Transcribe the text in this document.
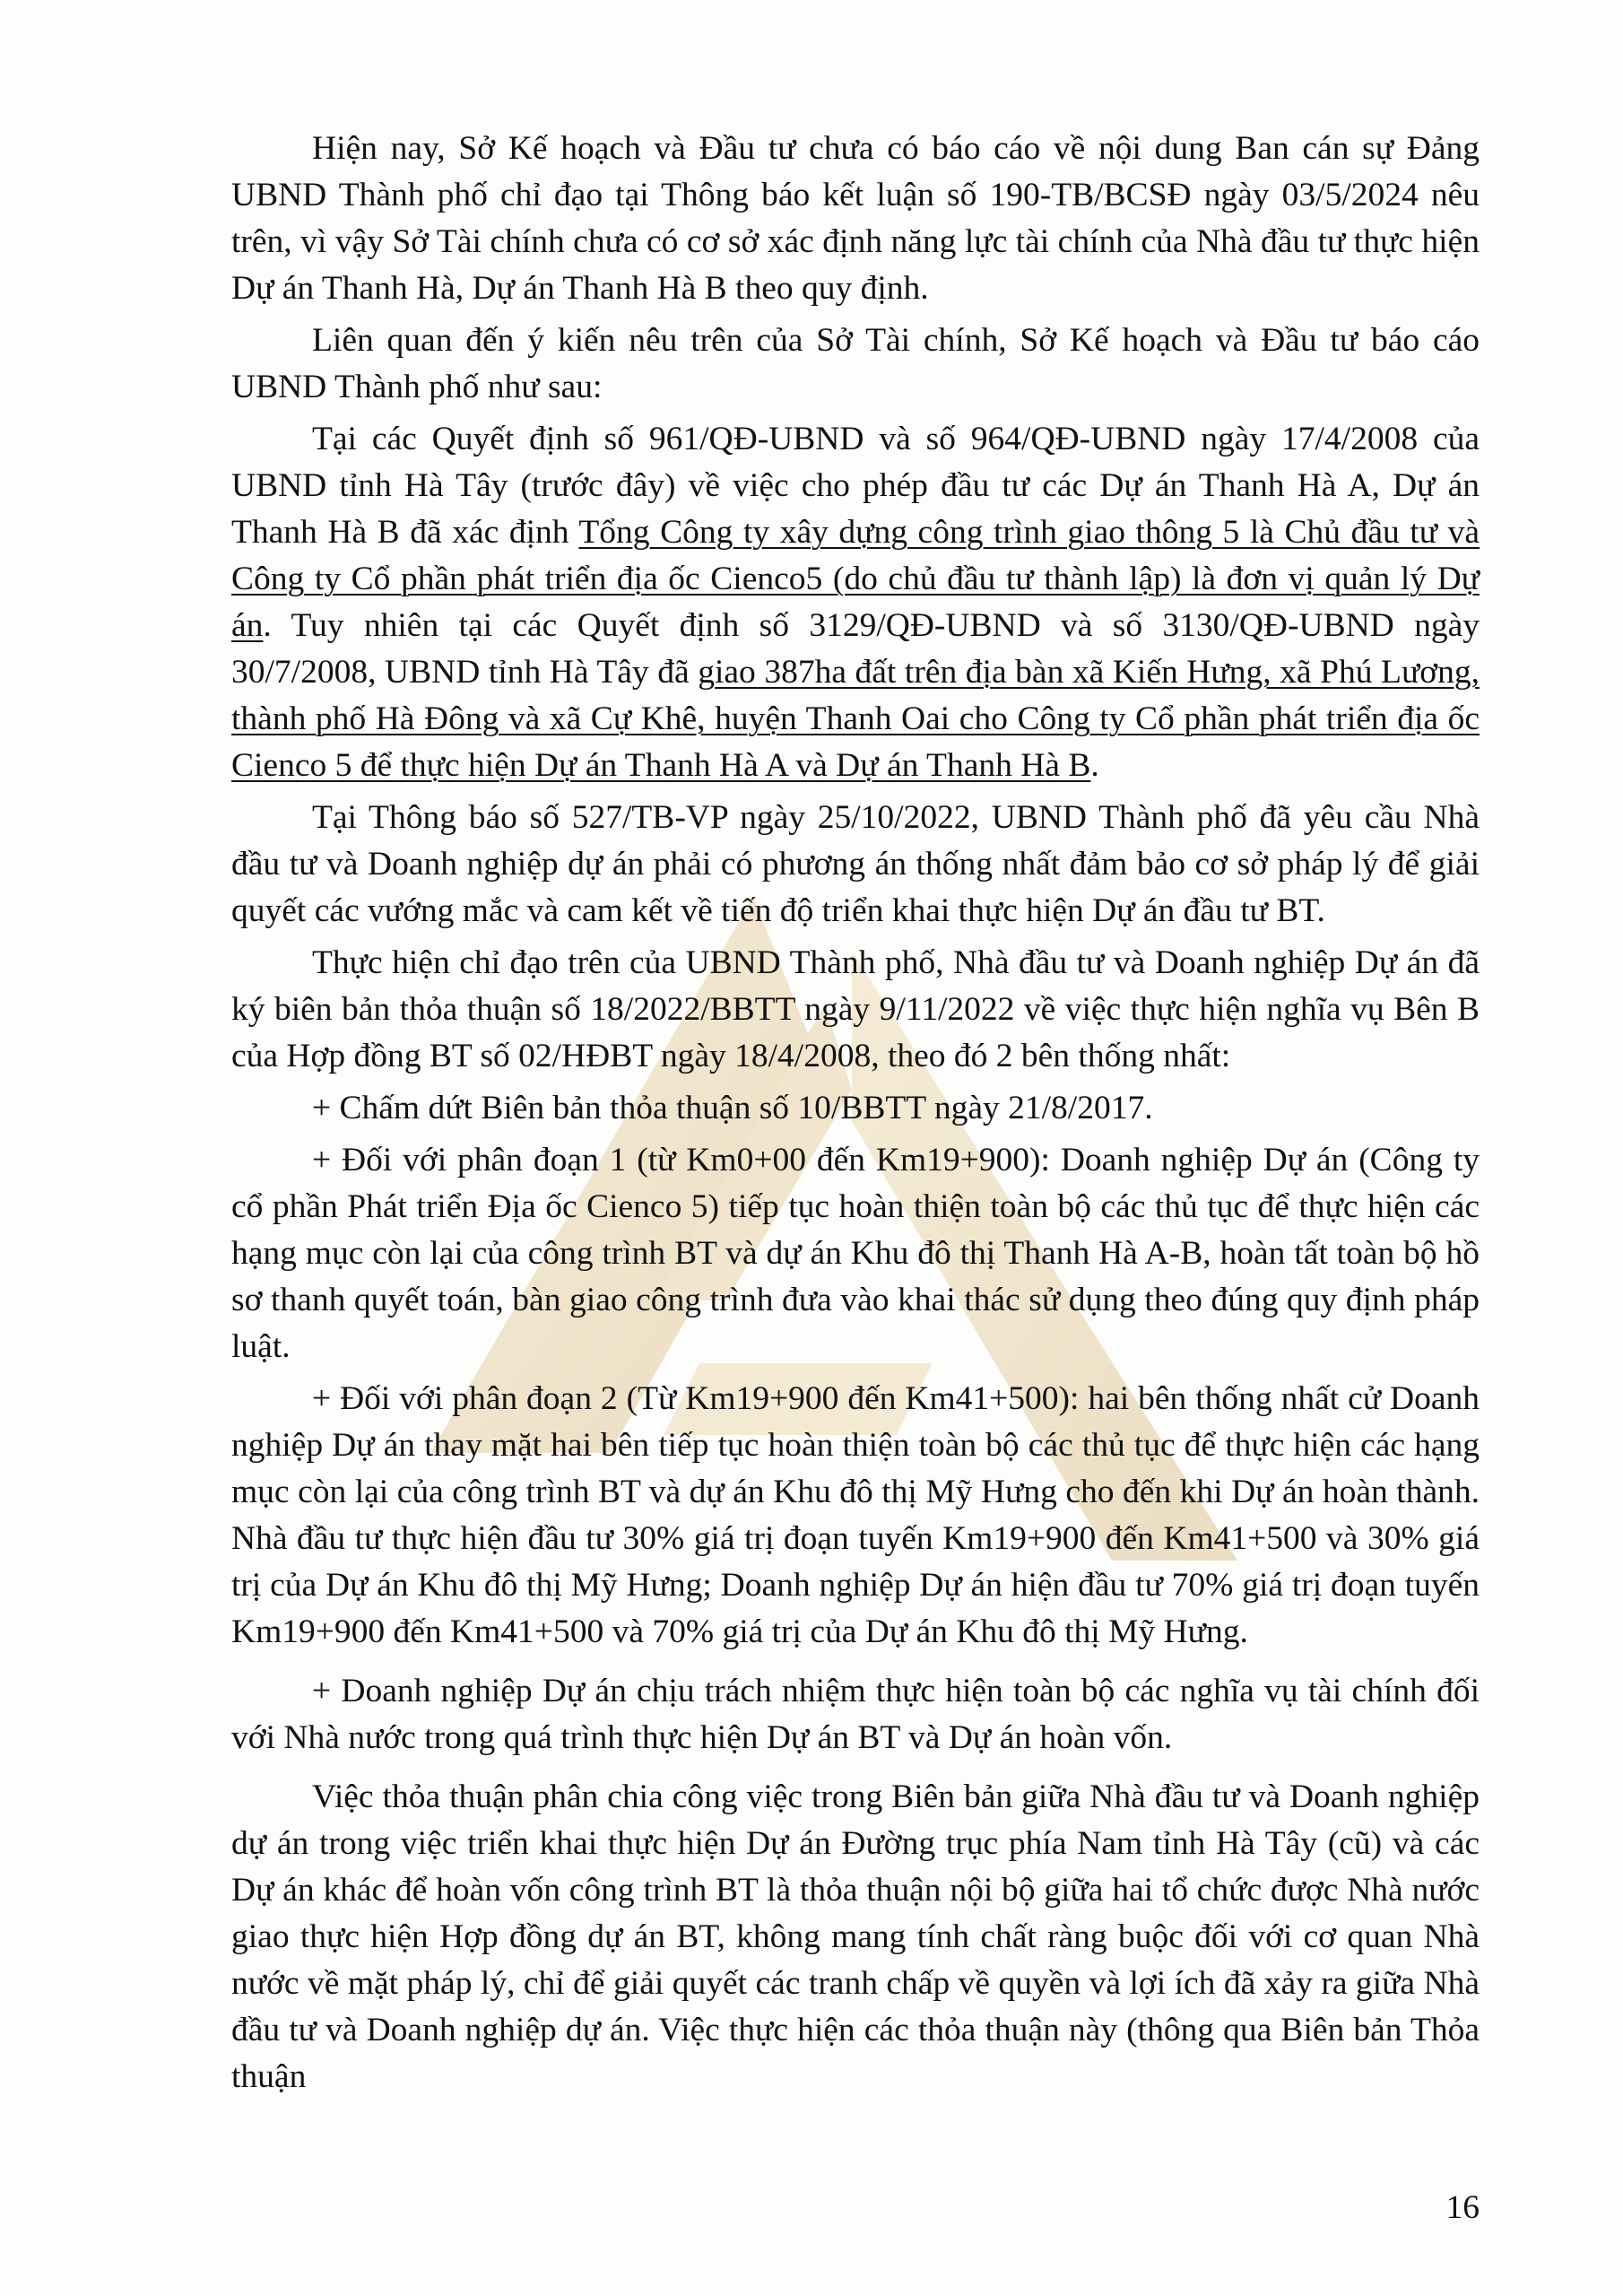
Hiện nay, Sở Kế hoạch và Đầu tư chưa có báo cáo về nội dung Ban cán sự Đảng UBND Thành phố chỉ đạo tại Thông báo kết luận số 190-TB/BCSĐ ngày 03/5/2024 nêu trên, vì vậy Sở Tài chính chưa có cơ sở xác định năng lực tài chính của Nhà đầu tư thực hiện Dự án Thanh Hà, Dự án Thanh Hà B theo quy định.

Liên quan đến ý kiến nêu trên của Sở Tài chính, Sở Kế hoạch và Đầu tư báo cáo UBND Thành phố như sau:

Tại các Quyết định số 961/QĐ-UBND và số 964/QĐ-UBND ngày 17/4/2008 của UBND tỉnh Hà Tây (trước đây) về việc cho phép đầu tư các Dự án Thanh Hà A, Dự án Thanh Hà B đã xác định Tổng Công ty xây dựng công trình giao thông 5 là Chủ đầu tư và Công ty Cổ phần phát triển địa ốc Cienco5 (do chủ đầu tư thành lập) là đơn vị quản lý Dự án. Tuy nhiên tại các Quyết định số 3129/QĐ-UBND và số 3130/QĐ-UBND ngày 30/7/2008, UBND tỉnh Hà Tây đã giao 387ha đất trên địa bàn xã Kiến Hưng, xã Phú Lương, thành phố Hà Đông và xã Cự Khê, huyện Thanh Oai cho Công ty Cổ phần phát triển địa ốc Cienco 5 để thực hiện Dự án Thanh Hà A và Dự án Thanh Hà B.

Tại Thông báo số 527/TB-VP ngày 25/10/2022, UBND Thành phố đã yêu cầu Nhà đầu tư và Doanh nghiệp dự án phải có phương án thống nhất đảm bảo cơ sở pháp lý để giải quyết các vướng mắc và cam kết về tiến độ triển khai thực hiện Dự án đầu tư BT.

Thực hiện chỉ đạo trên của UBND Thành phố, Nhà đầu tư và Doanh nghiệp Dự án đã ký biên bản thỏa thuận số 18/2022/BBTT ngày 9/11/2022 về việc thực hiện nghĩa vụ Bên B của Hợp đồng BT số 02/HĐBT ngày 18/4/2008, theo đó 2 bên thống nhất:

+ Chấm dứt Biên bản thỏa thuận số 10/BBTT ngày 21/8/2017.

+ Đối với phân đoạn 1 (từ Km0+00 đến Km19+900): Doanh nghiệp Dự án (Công ty cổ phần Phát triển Địa ốc Cienco 5) tiếp tục hoàn thiện toàn bộ các thủ tục để thực hiện các hạng mục còn lại của công trình BT và dự án Khu đô thị Thanh Hà A-B, hoàn tất toàn bộ hồ sơ thanh quyết toán, bàn giao công trình đưa vào khai thác sử dụng theo đúng quy định pháp luật.

+ Đối với phân đoạn 2 (Từ Km19+900 đến Km41+500): hai bên thống nhất cử Doanh nghiệp Dự án thay mặt hai bên tiếp tục hoàn thiện toàn bộ các thủ tục để thực hiện các hạng mục còn lại của công trình BT và dự án Khu đô thị Mỹ Hưng cho đến khi Dự án hoàn thành. Nhà đầu tư thực hiện đầu tư 30% giá trị đoạn tuyến Km19+900 đến Km41+500 và 30% giá trị của Dự án Khu đô thị Mỹ Hưng; Doanh nghiệp Dự án hiện đầu tư 70% giá trị đoạn tuyến Km19+900 đến Km41+500 và 70% giá trị của Dự án Khu đô thị Mỹ Hưng.

+ Doanh nghiệp Dự án chịu trách nhiệm thực hiện toàn bộ các nghĩa vụ tài chính đối với Nhà nước trong quá trình thực hiện Dự án BT và Dự án hoàn vốn.

Việc thỏa thuận phân chia công việc trong Biên bản giữa Nhà đầu tư và Doanh nghiệp dự án trong việc triển khai thực hiện Dự án Đường trục phía Nam tỉnh Hà Tây (cũ) và các Dự án khác để hoàn vốn công trình BT là thỏa thuận nội bộ giữa hai tổ chức được Nhà nước giao thực hiện Hợp đồng dự án BT, không mang tính chất ràng buộc đối với cơ quan Nhà nước về mặt pháp lý, chỉ để giải quyết các tranh chấp về quyền và lợi ích đã xảy ra giữa Nhà đầu tư và Doanh nghiệp dự án. Việc thực hiện các thỏa thuận này (thông qua Biên bản Thỏa thuận

16
